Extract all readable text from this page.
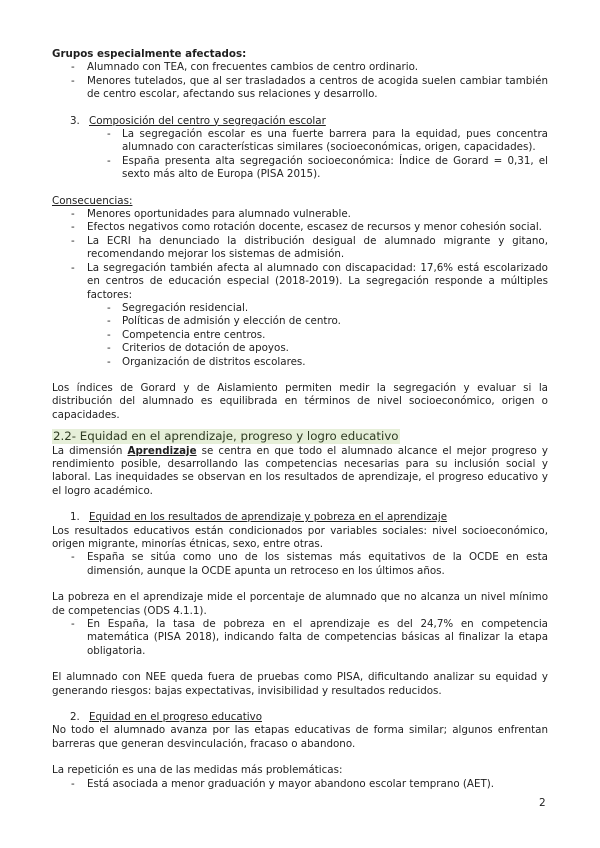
Grupos especialmente afectados:

- Alumnado con TEA, con frecuentes cambios de centro ordinario.
- Menores tutelados, que al ser trasladados a centros de acogida suelen cambiar también de centro escolar, afectando sus relaciones y desarrollo.
3. Composición del centro y segregación escolar
- La segregación escolar es una fuerte barrera para la equidad, pues concentra alumnado con características similares (socioeconómicas, origen, capacidades).
- España presenta alta segregación socioeconómica: Índice de Gorard = 0,31, el sexto más alto de Europa (PISA 2015).

Consecuencias:

- Menores oportunidades para alumnado vulnerable.
- Efectos negativos como rotación docente, escasez de recursos y menor cohesión social.
- La ECRI ha denunciado la distribución desigual de alumnado migrante y gitano, recomendando mejorar los sistemas de admisión.
- La segregación también afecta al alumnado con discapacidad: 17,6% está escolarizado en centros de educación especial (2018-2019). La segregación responde a múltiples factores:
- Segregación residencial.
- Políticas de admisión y elección de centro.
- Competencia entre centros.
- Criterios de dotación de apoyos.
- Organización de distritos escolares.

Los índices de Gorard y de Aislamiento permiten medir la segregación y evaluar si la distribución del alumnado es equilibrada en términos de nivel socioeconómico, origen o capacidades.

2.2- Equidad en el aprendizaje, progreso y logro educativo

La dimensión Aprendizaje se centra en que todo el alumnado alcance el mejor progreso y rendimiento posible, desarrollando las competencias necesarias para su inclusión social y laboral. Las inequidades se observan en los resultados de aprendizaje, el progreso educativo y el logro académico.

1. Equidad en los resultados de aprendizaje y pobreza en el aprendizaje

Los resultados educativos están condicionados por variables sociales: nivel socioeconómico, origen migrante, minorías étnicas, sexo, entre otras.

- España se sitúa como uno de los sistemas más equitativos de la OCDE en esta dimensión, aunque la OCDE apunta un retroceso en los últimos años.

La pobreza en el aprendizaje mide el porcentaje de alumnado que no alcanza un nivel mínimo de competencias (ODS 4.1.1).

- En España, la tasa de pobreza en el aprendizaje es del 24,7% en competencia matemática (PISA 2018), indicando falta de competencias básicas al finalizar la etapa obligatoria.

El alumnado con NEE queda fuera de pruebas como PISA, dificultando analizar su equidad y generando riesgos: bajas expectativas, invisibilidad y resultados reducidos.

2. Equidad en el progreso educativo

No todo el alumnado avanza por las etapas educativas de forma similar; algunos enfrentan barreras que generan desvinculación, fracaso o abandono.

La repetición es una de las medidas más problemáticas:

- Está asociada a menor graduación y mayor abandono escolar temprano (AET).
2
